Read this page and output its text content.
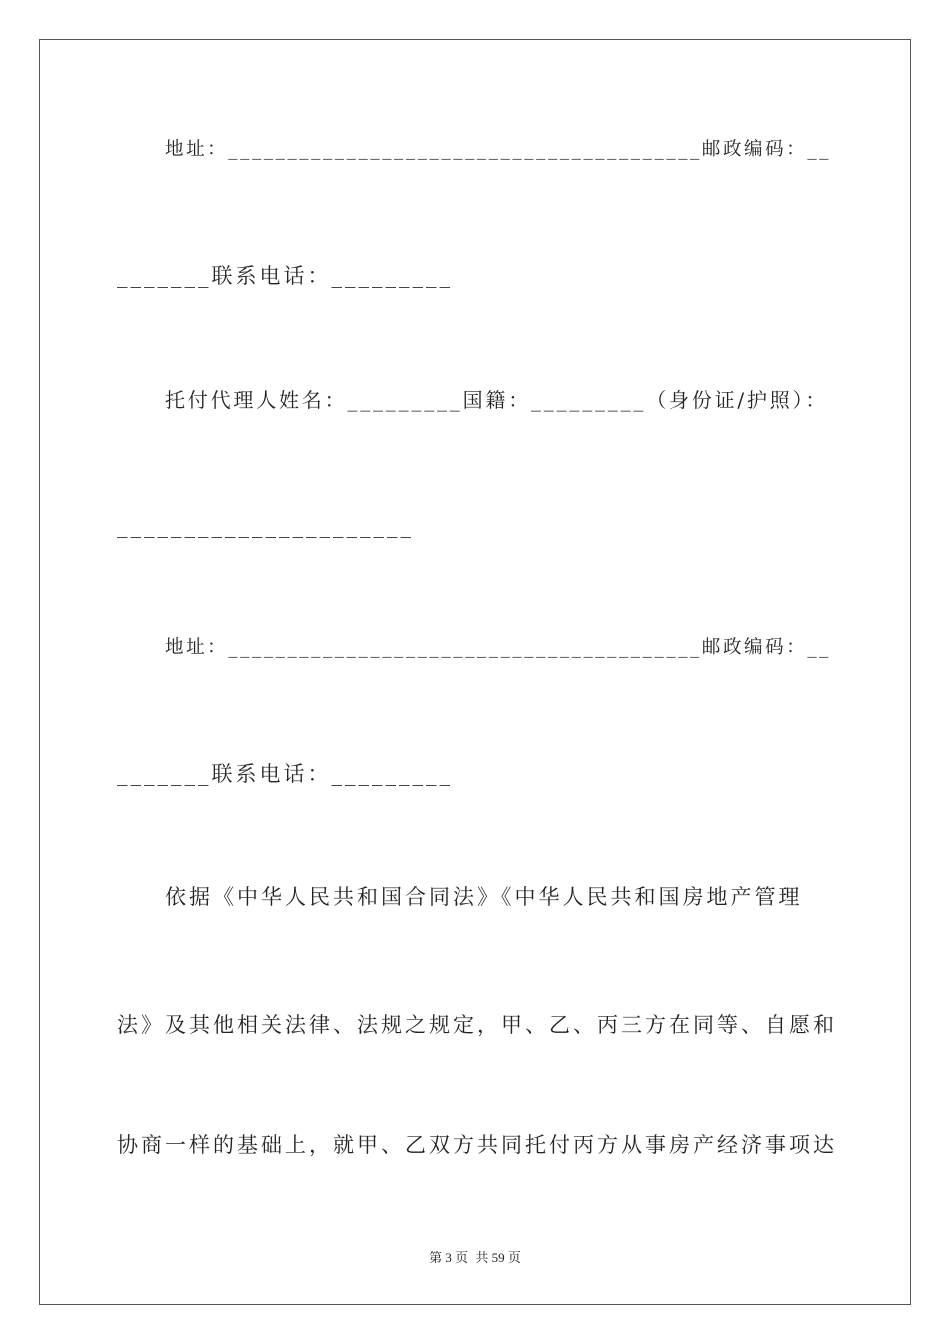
地址：________________________________________邮政编码：__
_______联系电话：_________
托付代理人姓名：_________国籍：_________（身份证/护照）：
______________________
地址：________________________________________邮政编码：__
_______联系电话：_________
依据《中华人民共和国合同法》《中华人民共和国房地产管理
法》及其他相关法律、法规之规定，甲、乙、丙三方在同等、自愿和
协商一样的基础上，就甲、乙双方共同托付丙方从事房产经济事项达
第 3 页 共 59 页
